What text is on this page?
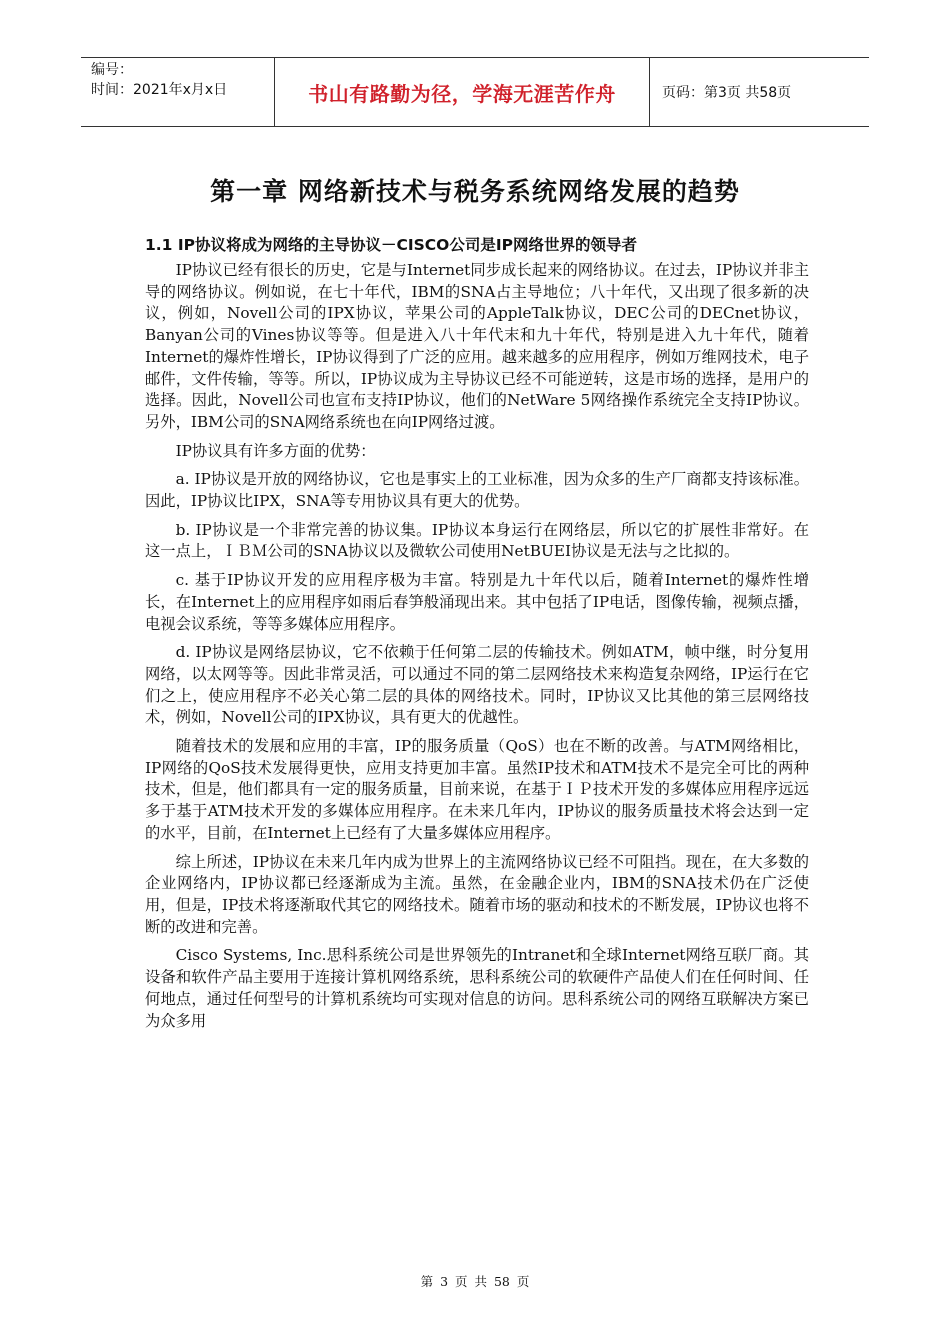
编号：
时间：2021年x月x日	书山有路勤为径，学海无涯苦作舟	页码：第3页 共58页
第一章 网络新技术与税务系统网络发展的趋势
1.1 IP协议将成为网络的主导协议－CISCO公司是IP网络世界的领导者

IP协议已经有很长的历史，它是与Internet同步成长起来的网络协议。在过去，IP协议并非主导的网络协议。例如说，在七十年代，IBM的SNA占主导地位；八十年代，又出现了很多新的决议，例如，Novell公司的IPX协议，苹果公司的AppleTalk协议，DEC公司的DECnet协议，Banyan公司的Vines协议等等。但是进入八十年代末和九十年代，特别是进入九十年代，随着Internet的爆炸性增长，IP协议得到了广泛的应用。越来越多的应用程序，例如万维网技术，电子邮件，文件传输，等等。所以，IP协议成为主导协议已经不可能逆转，这是市场的选择，是用户的选择。因此，Novell公司也宣布支持IP协议，他们的NetWare 5网络操作系统完全支持IP协议。另外，IBM公司的SNA网络系统也在向IP网络过渡。

IP协议具有许多方面的优势：

a. IP协议是开放的网络协议，它也是事实上的工业标准，因为众多的生产厂商都支持该标准。因此，IP协议比IPX，SNA等专用协议具有更大的优势。

b. IP协议是一个非常完善的协议集。IP协议本身运行在网络层，所以它的扩展性非常好。在这一点上，ＩＢＭ公司的SNA协议以及微软公司使用NetBUEI协议是无法与之比拟的。

c. 基于IP协议开发的应用程序极为丰富。特别是九十年代以后，随着Internet的爆炸性增长，在Internet上的应用程序如雨后春笋般涌现出来。其中包括了IP电话，图像传输，视频点播，电视会议系统，等等多媒体应用程序。

d. IP协议是网络层协议，它不依赖于任何第二层的传输技术。例如ATM，帧中继，时分复用网络，以太网等等。因此非常灵活，可以通过不同的第二层网络技术来构造复杂网络，IP运行在它们之上，使应用程序不必关心第二层的具体的网络技术。同时，IP协议又比其他的第三层网络技术，例如，Novell公司的IPX协议，具有更大的优越性。

随着技术的发展和应用的丰富，IP的服务质量（QoS）也在不断的改善。与ATM网络相比，IP网络的QoS技术发展得更快，应用支持更加丰富。虽然IP技术和ATM技术不是完全可比的两种技术，但是，他们都具有一定的服务质量，目前来说，在基于ＩＰ技术开发的多媒体应用程序远远多于基于ATM技术开发的多媒体应用程序。在未来几年内，IP协议的服务质量技术将会达到一定的水平，目前，在Internet上已经有了大量多媒体应用程序。

综上所述，IP协议在未来几年内成为世界上的主流网络协议已经不可阻挡。现在，在大多数的企业网络内，IP协议都已经逐渐成为主流。虽然，在金融企业内，IBM的SNA技术仍在广泛使用，但是，IP技术将逐渐取代其它的网络技术。随着市场的驱动和技术的不断发展，IP协议也将不断的改进和完善。

Cisco Systems, Inc.思科系统公司是世界领先的Intranet和全球Internet网络互联厂商。其设备和软件产品主要用于连接计算机网络系统，思科系统公司的软硬件产品使人们在任何时间、任何地点，通过任何型号的计算机系统均可实现对信息的访问。思科系统公司的网络互联解决方案已为众多用

第 3 页 共 58 页
